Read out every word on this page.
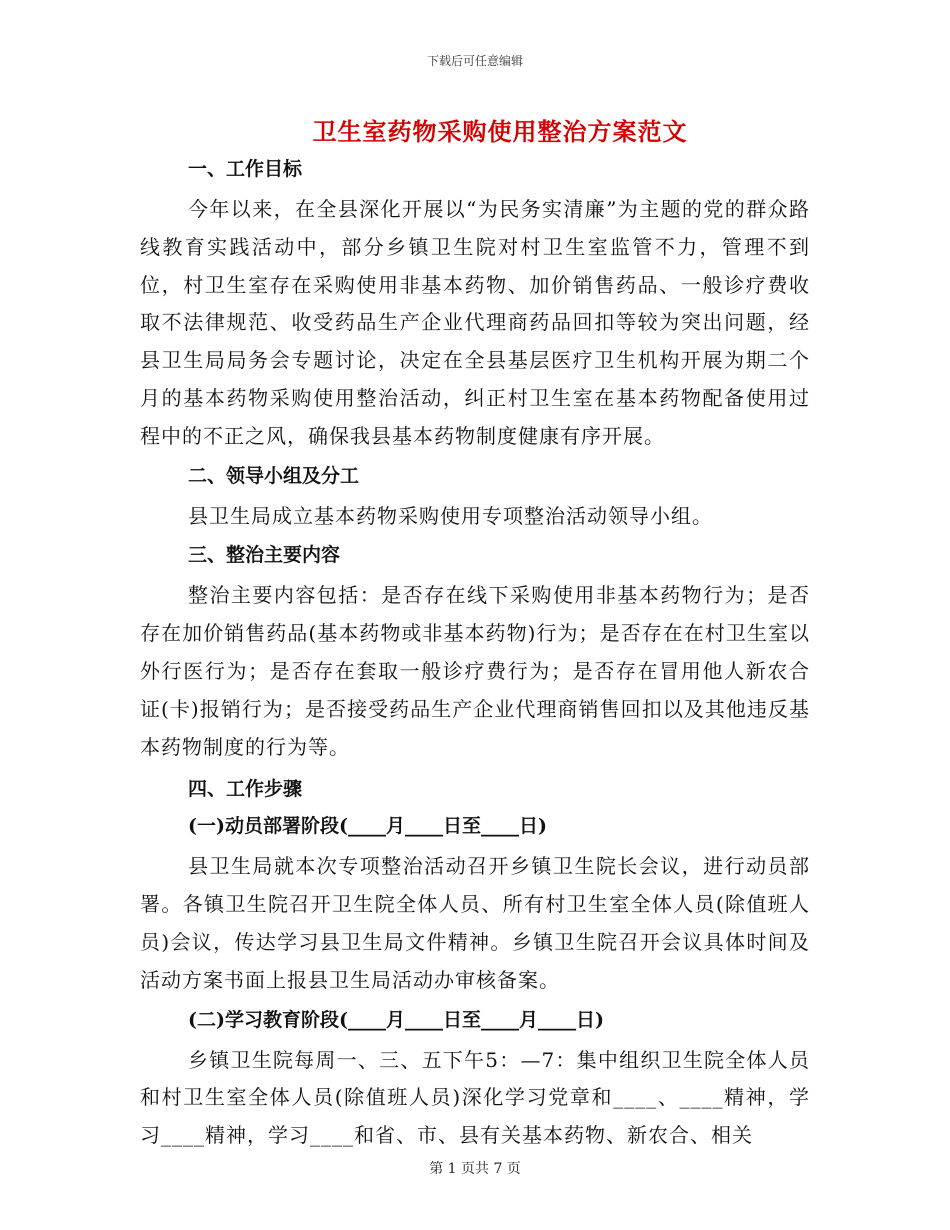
下载后可任意编辑
卫生室药物采购使用整治方案范文
一、工作目标

今年以来，在全县深化开展以“为民务实清廉”为主题的党的群众路线教育实践活动中，部分乡镇卫生院对村卫生室监管不力，管理不到位，村卫生室存在采购使用非基本药物、加价销售药品、一般诊疗费收取不法律规范、收受药品生产企业代理商药品回扣等较为突出问题，经县卫生局局务会专题讨论，决定在全县基层医疗卫生机构开展为期二个月的基本药物采购使用整治活动，纠正村卫生室在基本药物配备使用过程中的不正之风，确保我县基本药物制度健康有序开展。

二、领导小组及分工

县卫生局成立基本药物采购使用专项整治活动领导小组。

三、整治主要内容

整治主要内容包括：是否存在线下采购使用非基本药物行为；是否存在加价销售药品(基本药物或非基本药物)行为；是否存在在村卫生室以外行医行为；是否存在套取一般诊疗费行为；是否存在冒用他人新农合证(卡)报销行为；是否接受药品生产企业代理商销售回扣以及其他违反基本药物制度的行为等。

四、工作步骤
(一)动员部署阶段(____月____日至____日)

县卫生局就本次专项整治活动召开乡镇卫生院长会议，进行动员部署。各镇卫生院召开卫生院全体人员、所有村卫生室全体人员(除值班人员)会议，传达学习县卫生局文件精神。乡镇卫生院召开会议具体时间及活动方案书面上报县卫生局活动办审核备案。

(二)学习教育阶段(____月____日至____月____日)

乡镇卫生院每周一、三、五下午5：—7：集中组织卫生院全体人员和村卫生室全体人员(除值班人员)深化学习党章和____、____精神，学习____精神，学习____和省、市、县有关基本药物、新农合、相关

第 1 页共 7 页
